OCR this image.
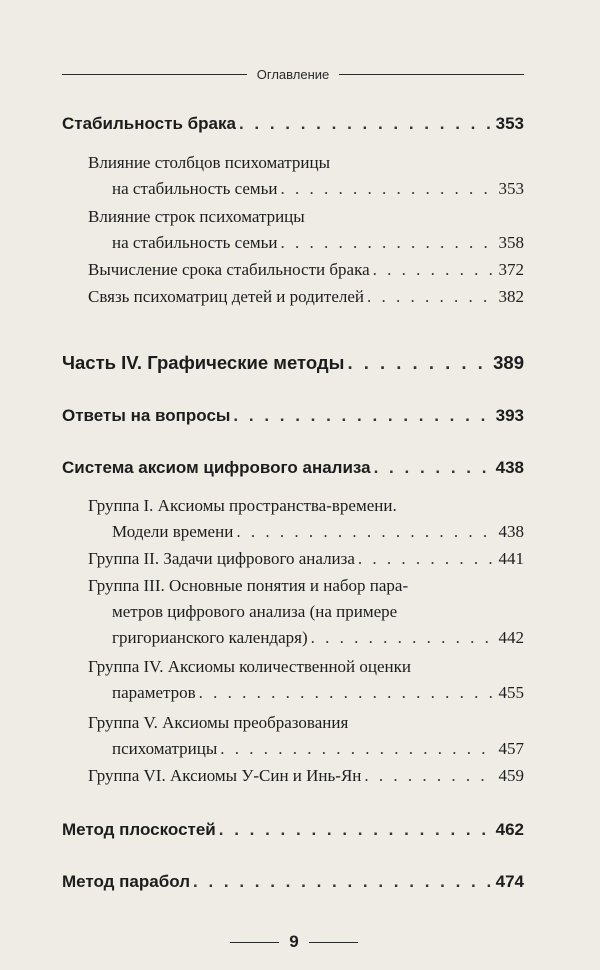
Оглавление
Стабильность брака . . .	353
Влияние столбцов психоматрицы
на стабильность семьи . . .	353
Влияние строк психоматрицы
на стабильность семьи . . .	358
Вычисление срока стабильности брака . . .	372
Связь психоматриц детей и родителей . . .	382
Часть IV. Графические методы . . .	389
Ответы на вопросы . . .	393
Система аксиом цифрового анализа . . .	438
Группа I. Аксиомы пространства-времени.
Модели времени . . .	438
Группа II. Задачи цифрового анализа . . .	441
Группа III. Основные понятия и набор пара-
метров цифрового анализа (на примере
григорианского календаря) . . .	442
Группа IV. Аксиомы количественной оценки
параметров . . .	455
Группа V. Аксиомы преобразования
психоматрицы . . .	457
Группа VI. Аксиомы У-Син и Инь-Ян . . .	459
Метод плоскостей . . .	462
Метод парабол . . .	474
9
